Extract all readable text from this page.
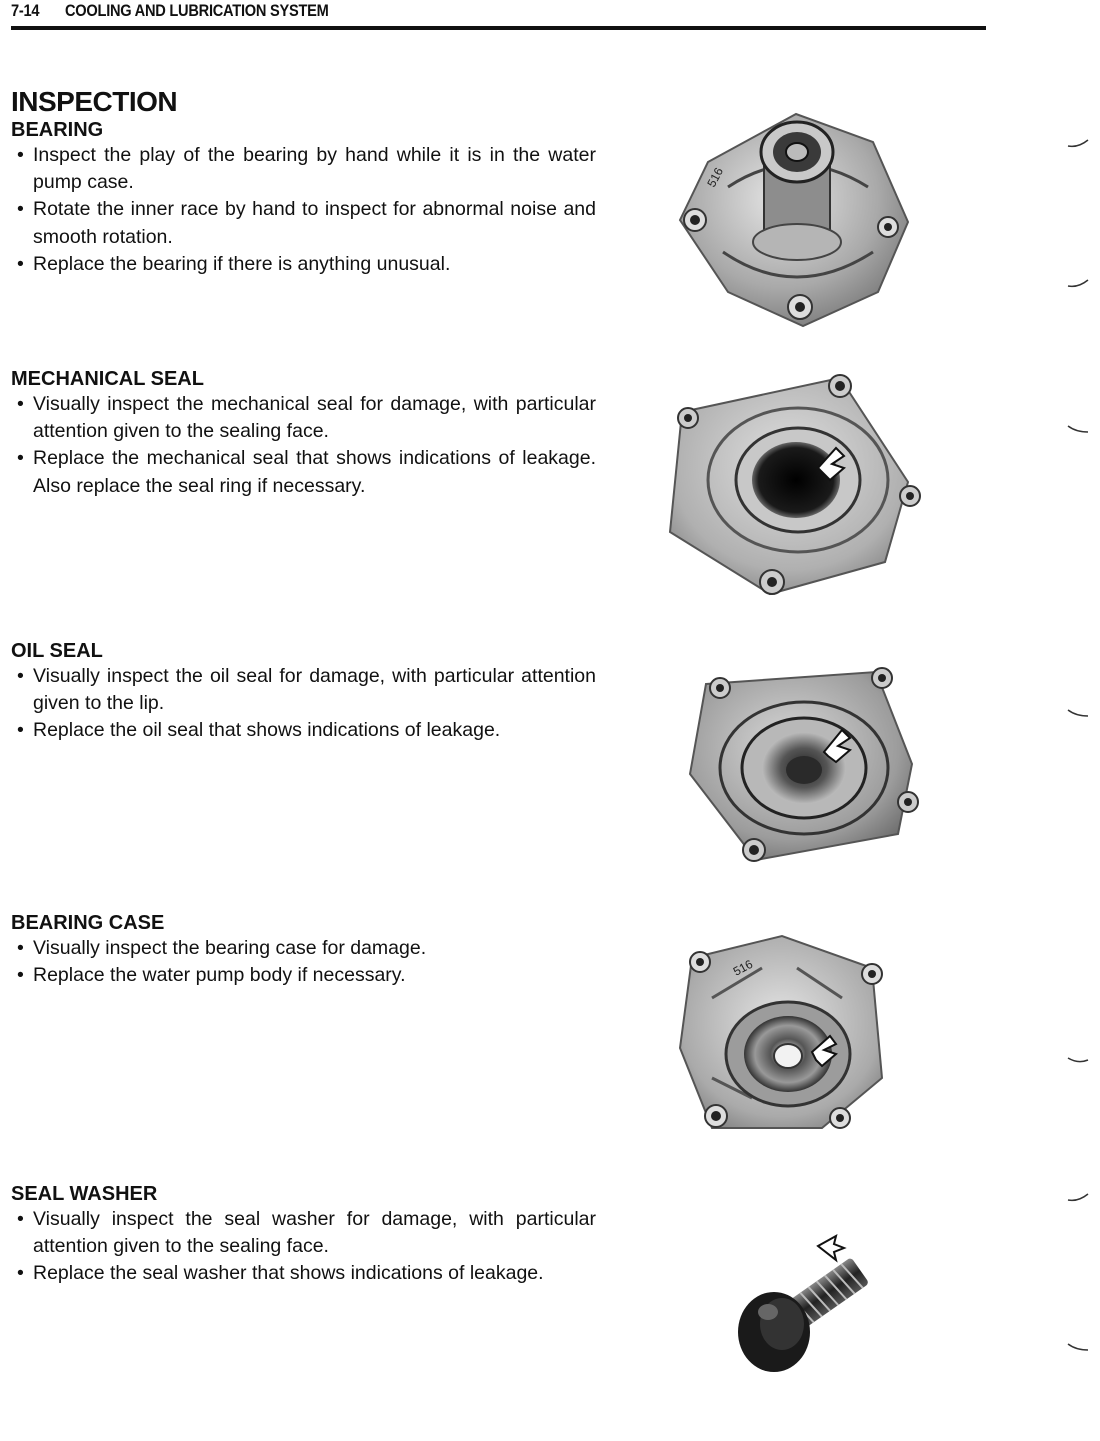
7-14 COOLING AND LUBRICATION SYSTEM
INSPECTION
BEARING
• Inspect the play of the bearing by hand while it is in the water pump case.
• Rotate the inner race by hand to inspect for abnormal noise and smooth rotation.
• Replace the bearing if there is anything unusual.
MECHANICAL SEAL
• Visually inspect the mechanical seal for damage, with particular attention given to the sealing face.
• Replace the mechanical seal that shows indications of leakage. Also replace the seal ring if necessary.
OIL SEAL
• Visually inspect the oil seal for damage, with particular attention given to the lip.
• Replace the oil seal that shows indications of leakage.
BEARING CASE
• Visually inspect the bearing case for damage.
• Replace the water pump body if necessary.
SEAL WASHER
• Visually inspect the seal washer for damage, with particular attention given to the sealing face.
• Replace the seal washer that shows indications of leakage.
516
516
